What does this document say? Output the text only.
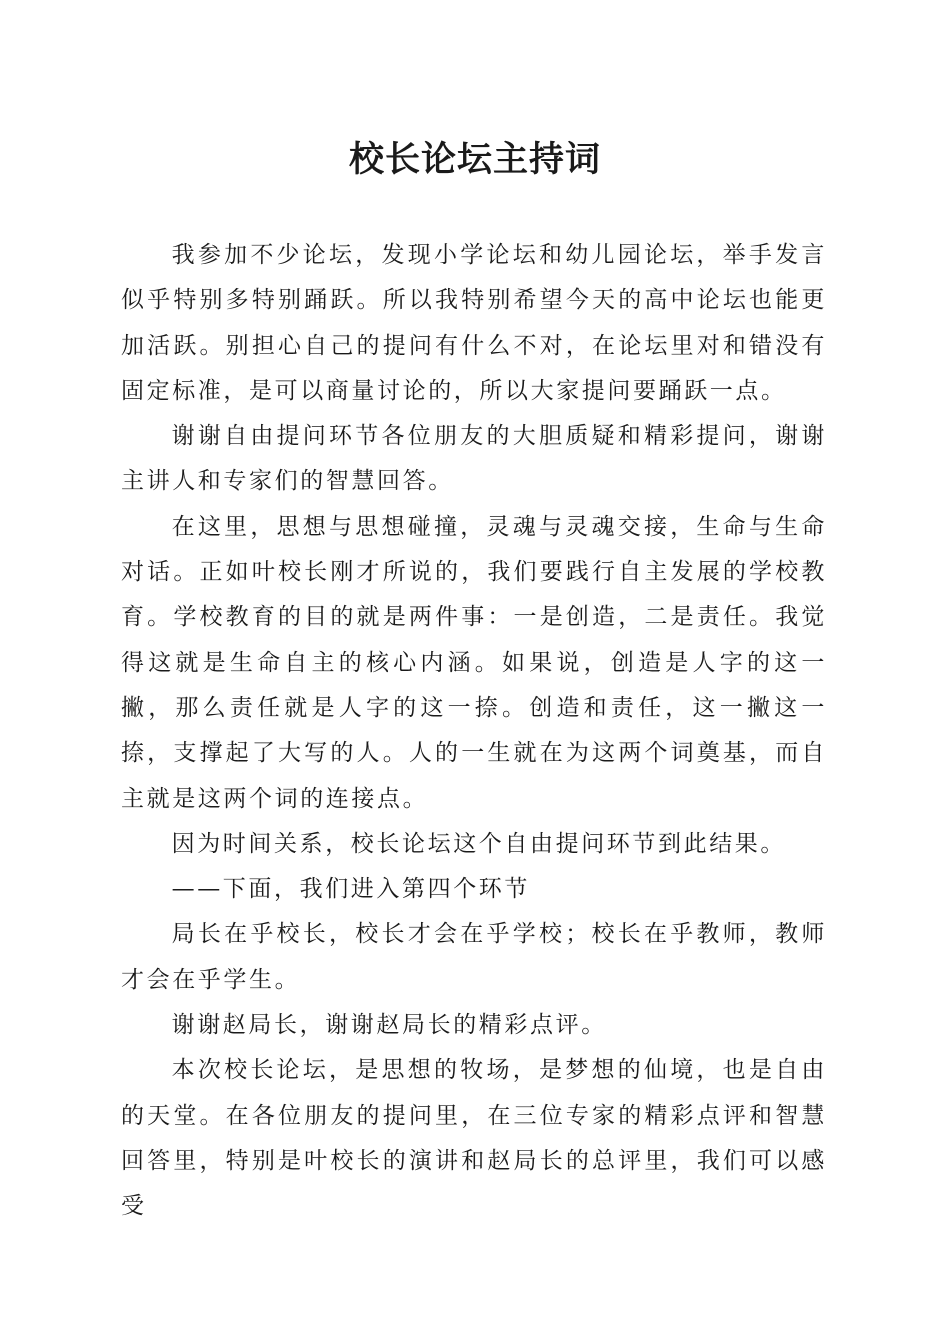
校长论坛主持词

我参加不少论坛，发现小学论坛和幼儿园论坛，举手发言似乎特别多特别踊跃。所以我特别希望今天的高中论坛也能更加活跃。别担心自己的提问有什么不对，在论坛里对和错没有固定标准，是可以商量讨论的，所以大家提问要踊跃一点。

谢谢自由提问环节各位朋友的大胆质疑和精彩提问，谢谢主讲人和专家们的智慧回答。

在这里，思想与思想碰撞，灵魂与灵魂交接，生命与生命对话。正如叶校长刚才所说的，我们要践行自主发展的学校教育。学校教育的目的就是两件事：一是创造，二是责任。我觉得这就是生命自主的核心内涵。如果说，创造是人字的这一撇，那么责任就是人字的这一捺。创造和责任，这一撇这一捺，支撑起了大写的人。人的一生就在为这两个词奠基，而自主就是这两个词的连接点。

因为时间关系，校长论坛这个自由提问环节到此结果。

——下面，我们进入第四个环节

局长在乎校长，校长才会在乎学校；校长在乎教师，教师才会在乎学生。

谢谢赵局长，谢谢赵局长的精彩点评。

本次校长论坛，是思想的牧场，是梦想的仙境，也是自由的天堂。在各位朋友的提问里，在三位专家的精彩点评和智慧回答里，特别是叶校长的演讲和赵局长的总评里，我们可以感受
